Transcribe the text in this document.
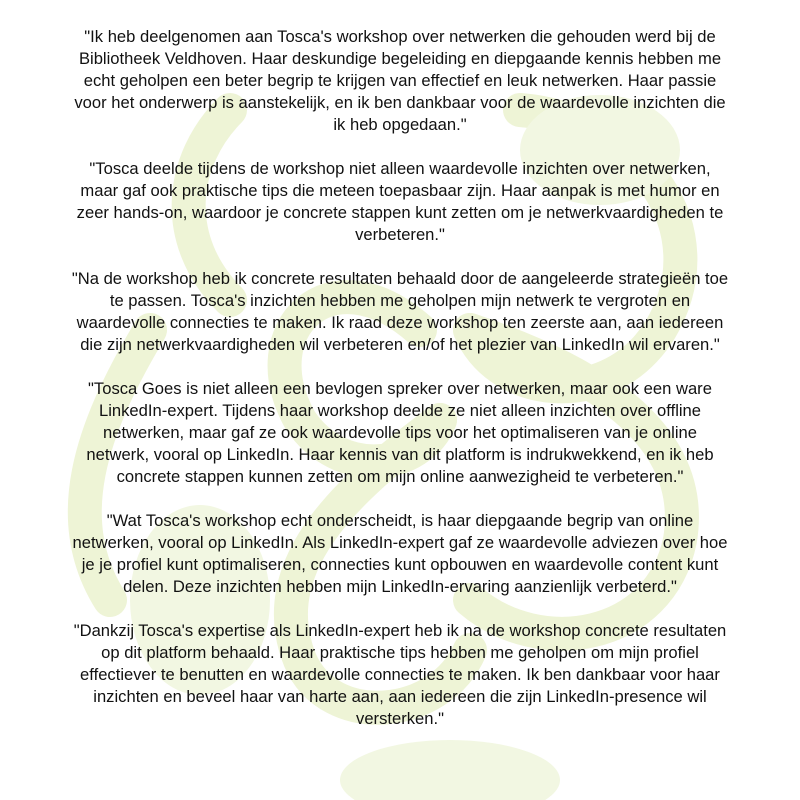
"Ik heb deelgenomen aan Tosca's workshop over netwerken die gehouden werd bij de Bibliotheek Veldhoven. Haar deskundige begeleiding en diepgaande kennis hebben me echt geholpen een beter begrip te krijgen van effectief en leuk netwerken. Haar passie voor het onderwerp is aanstekelijk, en ik ben dankbaar voor de waardevolle inzichten die ik heb opgedaan."

"Tosca deelde tijdens de workshop niet alleen waardevolle inzichten over netwerken, maar gaf ook praktische tips die meteen toepasbaar zijn. Haar aanpak is met humor en zeer hands-on, waardoor je concrete stappen kunt zetten om je netwerkvaardigheden te verbeteren."

"Na de workshop heb ik concrete resultaten behaald door de aangeleerde strategieën toe te passen. Tosca's inzichten hebben me geholpen mijn netwerk te vergroten en waardevolle connecties te maken. Ik raad deze workshop ten zeerste aan, aan iedereen die zijn netwerkvaardigheden wil verbeteren en/of het plezier van LinkedIn wil ervaren."

"Tosca Goes is niet alleen een bevlogen spreker over netwerken, maar ook een ware LinkedIn-expert. Tijdens haar workshop deelde ze niet alleen inzichten over offline netwerken, maar gaf ze ook waardevolle tips voor het optimaliseren van je online netwerk, vooral op LinkedIn. Haar kennis van dit platform is indrukwekkend, en ik heb concrete stappen kunnen zetten om mijn online aanwezigheid te verbeteren."

"Wat Tosca's workshop echt onderscheidt, is haar diepgaande begrip van online netwerken, vooral op LinkedIn. Als LinkedIn-expert gaf ze waardevolle adviezen over hoe je je profiel kunt optimaliseren, connecties kunt opbouwen en waardevolle content kunt delen. Deze inzichten hebben mijn LinkedIn-ervaring aanzienlijk verbeterd."

"Dankzij Tosca's expertise als LinkedIn-expert heb ik na de workshop concrete resultaten op dit platform behaald. Haar praktische tips hebben me geholpen om mijn profiel effectiever te benutten en waardevolle connecties te maken. Ik ben dankbaar voor haar inzichten en beveel haar van harte aan, aan iedereen die zijn LinkedIn-presence wil versterken."
